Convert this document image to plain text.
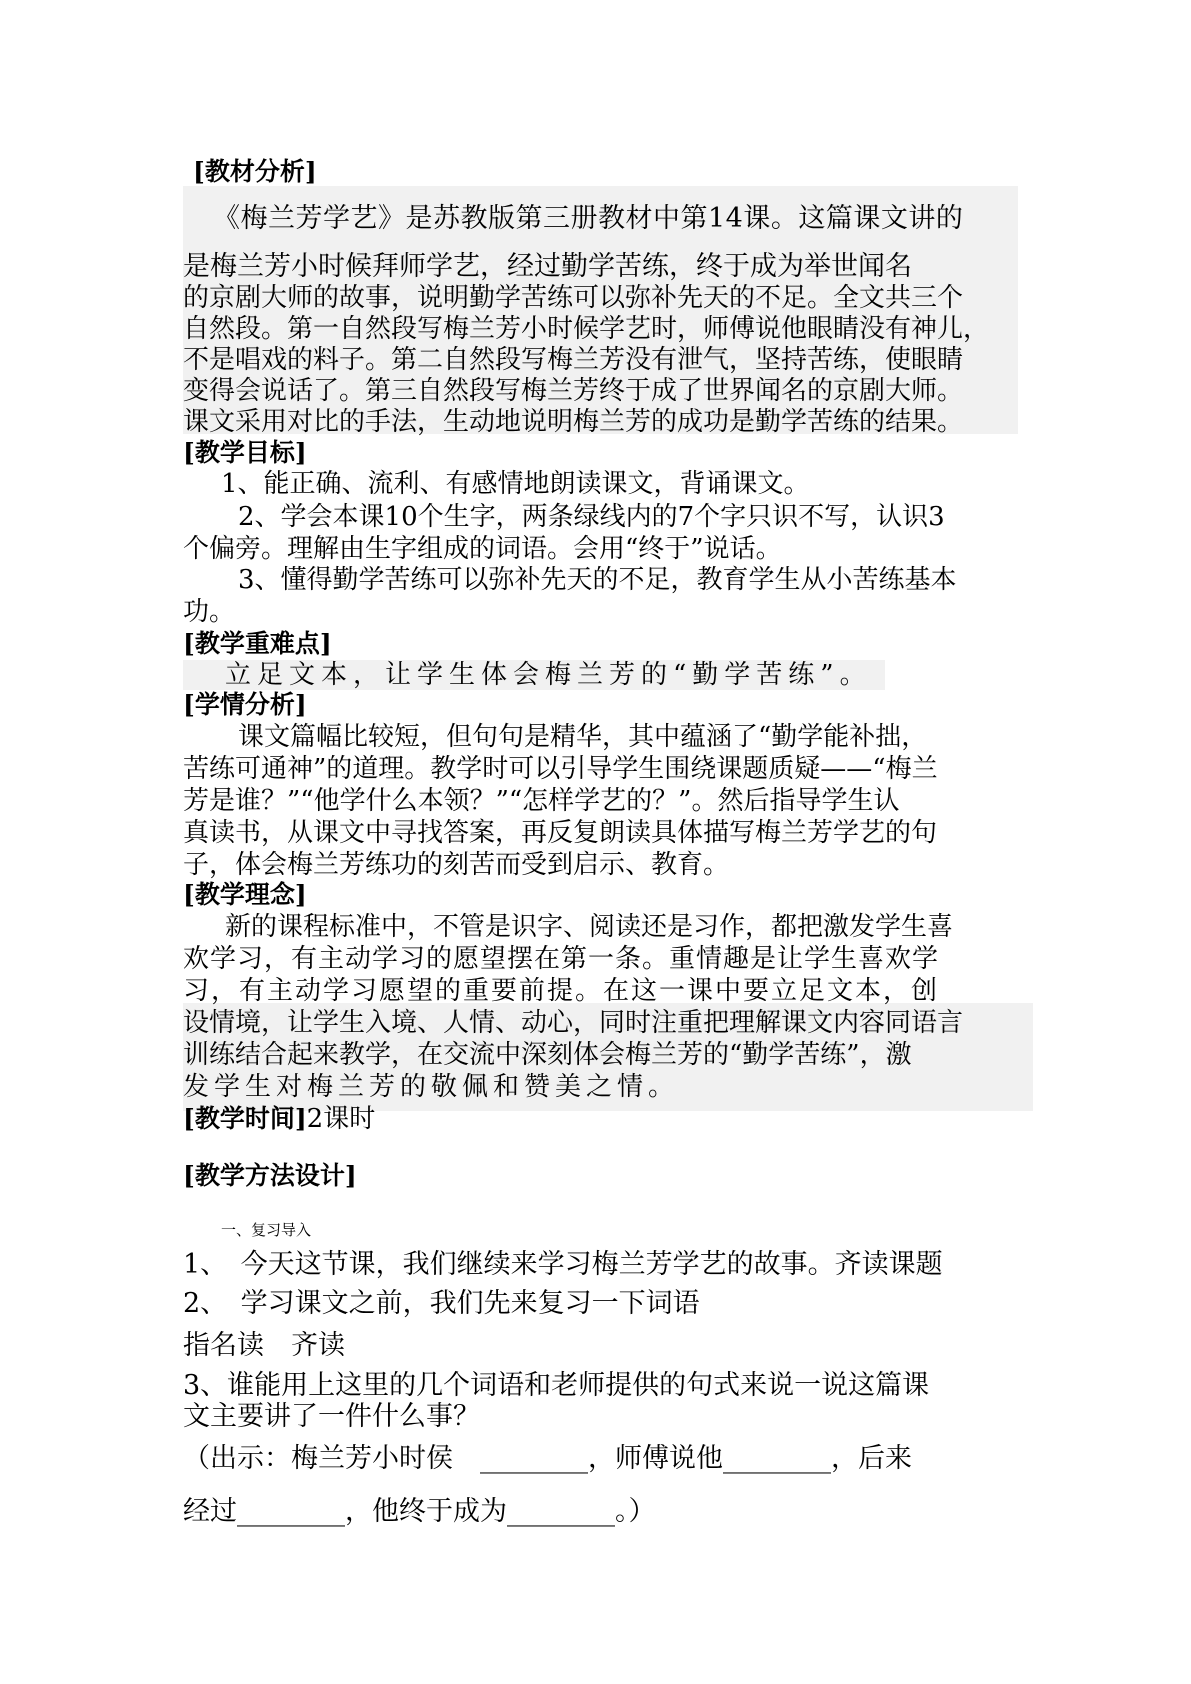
[教材分析]
《梅兰芳学艺》是苏教版第三册教材中第14课。这篇课文讲的
是梅兰芳小时候拜师学艺，经过勤学苦练，终于成为举世闻名
的京剧大师的故事，说明勤学苦练可以弥补先天的不足。全文共三个
自然段。第一自然段写梅兰芳小时候学艺时，师傅说他眼睛没有神儿，
不是唱戏的料子。第二自然段写梅兰芳没有泄气，坚持苦练，使眼睛
变得会说话了。第三自然段写梅兰芳终于成了世界闻名的京剧大师。
课文采用对比的手法，生动地说明梅兰芳的成功是勤学苦练的结果。
[教学目标]
1、能正确、流利、有感情地朗读课文，背诵课文。
2、学会本课10个生字，两条绿线内的7个字只识不写，认识3
个偏旁。理解由生字组成的词语。会用“终于”说话。
3、懂得勤学苦练可以弥补先天的不足，教育学生从小苦练基本
功。
[教学重难点]
立足文本，让学生体会梅兰芳的“勤学苦练”。
[学情分析]
课文篇幅比较短，但句句是精华，其中蕴涵了“勤学能补拙，
苦练可通神”的道理。教学时可以引导学生围绕课题质疑——“梅兰
芳是谁？”“他学什么本领？”“怎样学艺的？”。然后指导学生认
真读书，从课文中寻找答案，再反复朗读具体描写梅兰芳学艺的句
子，体会梅兰芳练功的刻苦而受到启示、教育。
[教学理念]
新的课程标准中，不管是识字、阅读还是习作，都把激发学生喜
欢学习，有主动学习的愿望摆在第一条。重情趣是让学生喜欢学
习，有主动学习愿望的重要前提。在这一课中要立足文本，创
设情境，让学生入境、人情、动心，同时注重把理解课文内容同语言
训练结合起来教学，在交流中深刻体会梅兰芳的“勤学苦练”，激
发学生对梅兰芳的敬佩和赞美之情。
[教学时间]2课时
[教学方法设计]
一、复习导入
1、　今天这节课，我们继续来学习梅兰芳学艺的故事。齐读课题
2、　学习课文之前，我们先来复习一下词语
指名读　齐读
3、谁能用上这里的几个词语和老师提供的句式来说一说这篇课
文主要讲了一件什么事？
（出示：梅兰芳小时侯　________，师傅说他________，后来
经过________，他终于成为________。）
